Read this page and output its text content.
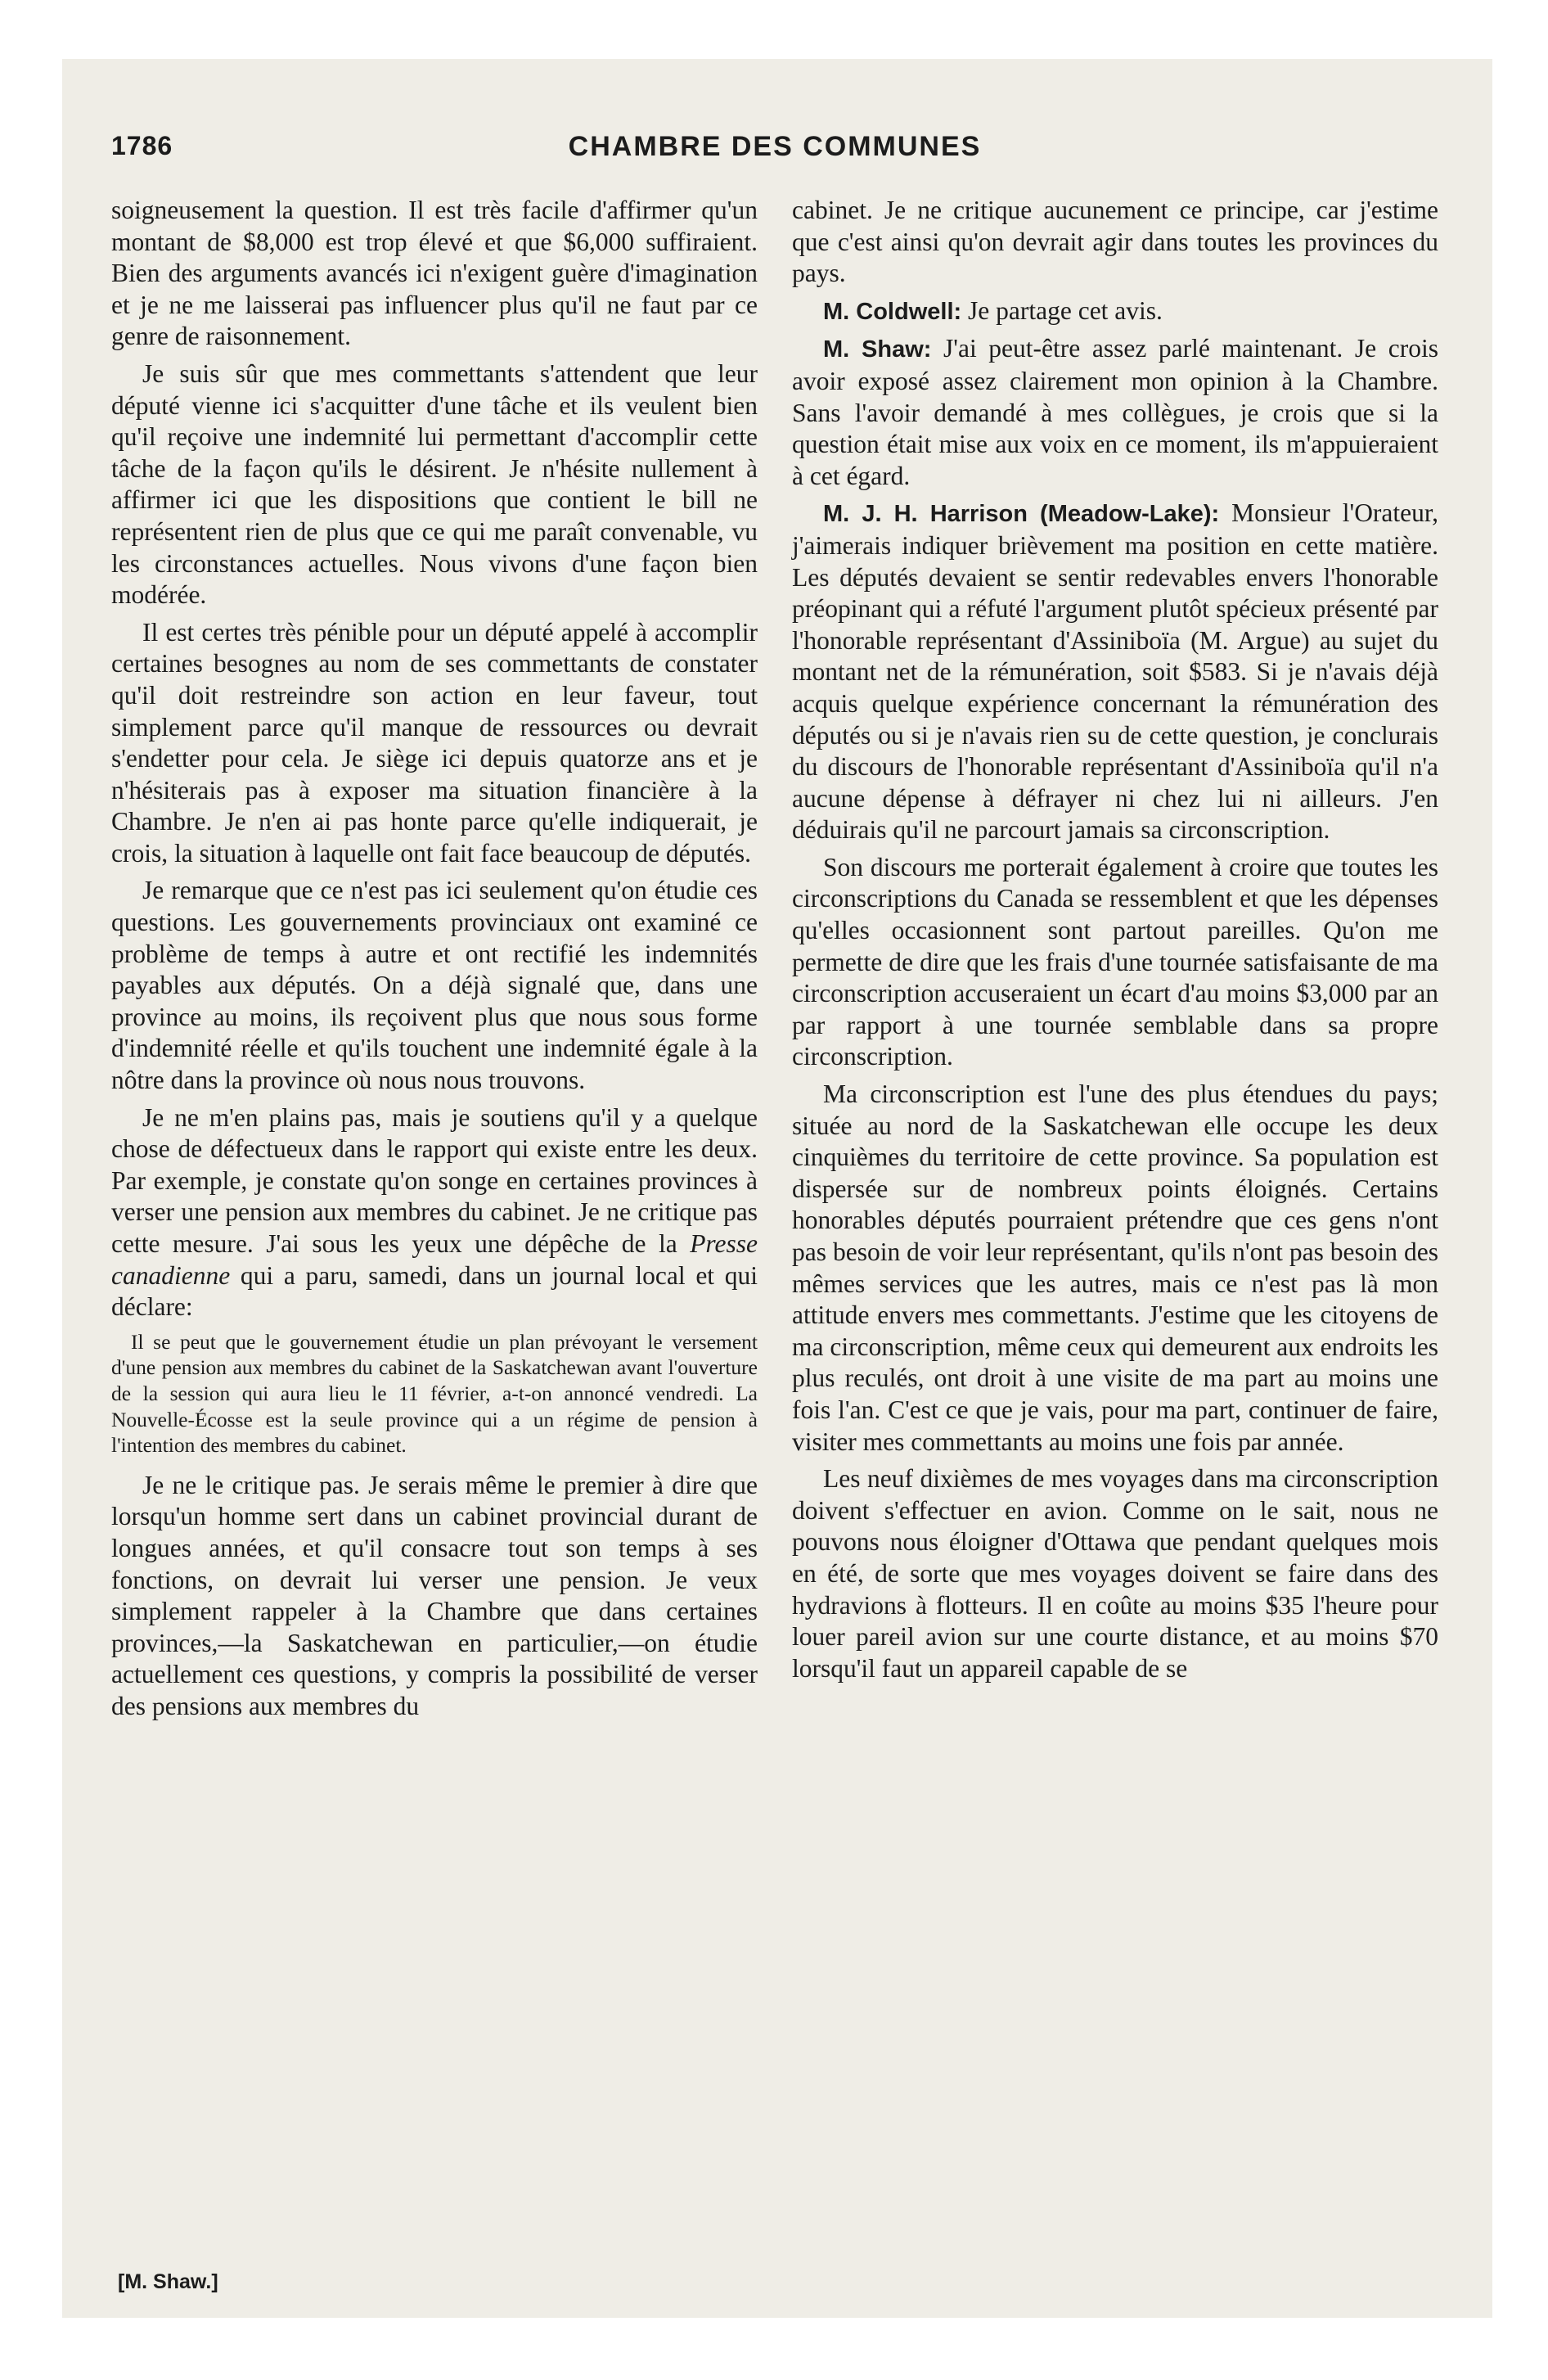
1786	CHAMBRE DES COMMUNES

soigneusement la question. Il est très facile d'affirmer qu'un montant de $8,000 est trop élevé et que $6,000 suffiraient. Bien des arguments avancés ici n'exigent guère d'imagination et je ne me laisserai pas influencer plus qu'il ne faut par ce genre de raisonnement.

Je suis sûr que mes commettants s'attendent que leur député vienne ici s'acquitter d'une tâche et ils veulent bien qu'il reçoive une indemnité lui permettant d'accomplir cette tâche de la façon qu'ils le désirent. Je n'hésite nullement à affirmer ici que les dispositions que contient le bill ne représentent rien de plus que ce qui me paraît convenable, vu les circonstances actuelles. Nous vivons d'une façon bien modérée.

Il est certes très pénible pour un député appelé à accomplir certaines besognes au nom de ses commettants de constater qu'il doit restreindre son action en leur faveur, tout simplement parce qu'il manque de ressources ou devrait s'endetter pour cela. Je siège ici depuis quatorze ans et je n'hésiterais pas à exposer ma situation financière à la Chambre. Je n'en ai pas honte parce qu'elle indiquerait, je crois, la situation à laquelle ont fait face beaucoup de députés.

Je remarque que ce n'est pas ici seulement qu'on étudie ces questions. Les gouvernements provinciaux ont examiné ce problème de temps à autre et ont rectifié les indemnités payables aux députés. On a déjà signalé que, dans une province au moins, ils reçoivent plus que nous sous forme d'indemnité réelle et qu'ils touchent une indemnité égale à la nôtre dans la province où nous nous trouvons.

Je ne m'en plains pas, mais je soutiens qu'il y a quelque chose de défectueux dans le rapport qui existe entre les deux. Par exemple, je constate qu'on songe en certaines provinces à verser une pension aux membres du cabinet. Je ne critique pas cette mesure. J'ai sous les yeux une dépêche de la Presse canadienne qui a paru, samedi, dans un journal local et qui déclare:

Il se peut que le gouvernement étudie un plan prévoyant le versement d'une pension aux membres du cabinet de la Saskatchewan avant l'ouverture de la session qui aura lieu le 11 février, a-t-on annoncé vendredi. La Nouvelle-Écosse est la seule province qui a un régime de pension à l'intention des membres du cabinet.

Je ne le critique pas. Je serais même le premier à dire que lorsqu'un homme sert dans un cabinet provincial durant de longues années, et qu'il consacre tout son temps à ses fonctions, on devrait lui verser une pension. Je veux simplement rappeler à la Chambre que dans certaines provinces,—la Saskatchewan en particulier,—on étudie actuellement ces questions, y compris la possibilité de verser des pensions aux membres du

cabinet. Je ne critique aucunement ce principe, car j'estime que c'est ainsi qu'on devrait agir dans toutes les provinces du pays.

M. Coldwell: Je partage cet avis.

M. Shaw: J'ai peut-être assez parlé maintenant. Je crois avoir exposé assez clairement mon opinion à la Chambre. Sans l'avoir demandé à mes collègues, je crois que si la question était mise aux voix en ce moment, ils m'appuieraient à cet égard.

M. J. H. Harrison (Meadow-Lake): Monsieur l'Orateur, j'aimerais indiquer brièvement ma position en cette matière. Les députés devaient se sentir redevables envers l'honorable préopinant qui a réfuté l'argument plutôt spécieux présenté par l'honorable représentant d'Assiniboïa (M. Argue) au sujet du montant net de la rémunération, soit $583. Si je n'avais déjà acquis quelque expérience concernant la rémunération des députés ou si je n'avais rien su de cette question, je conclurais du discours de l'honorable représentant d'Assiniboïa qu'il n'a aucune dépense à défrayer ni chez lui ni ailleurs. J'en déduirais qu'il ne parcourt jamais sa circonscription.

Son discours me porterait également à croire que toutes les circonscriptions du Canada se ressemblent et que les dépenses qu'elles occasionnent sont partout pareilles. Qu'on me permette de dire que les frais d'une tournée satisfaisante de ma circonscription accuseraient un écart d'au moins $3,000 par an par rapport à une tournée semblable dans sa propre circonscription.

Ma circonscription est l'une des plus étendues du pays; située au nord de la Saskatchewan elle occupe les deux cinquièmes du territoire de cette province. Sa population est dispersée sur de nombreux points éloignés. Certains honorables députés pourraient prétendre que ces gens n'ont pas besoin de voir leur représentant, qu'ils n'ont pas besoin des mêmes services que les autres, mais ce n'est pas là mon attitude envers mes commettants. J'estime que les citoyens de ma circonscription, même ceux qui demeurent aux endroits les plus reculés, ont droit à une visite de ma part au moins une fois l'an. C'est ce que je vais, pour ma part, continuer de faire, visiter mes commettants au moins une fois par année.

Les neuf dixièmes de mes voyages dans ma circonscription doivent s'effectuer en avion. Comme on le sait, nous ne pouvons nous éloigner d'Ottawa que pendant quelques mois en été, de sorte que mes voyages doivent se faire dans des hydravions à flotteurs. Il en coûte au moins $35 l'heure pour louer pareil avion sur une courte distance, et au moins $70 lorsqu'il faut un appareil capable de se

[M. Shaw.]
